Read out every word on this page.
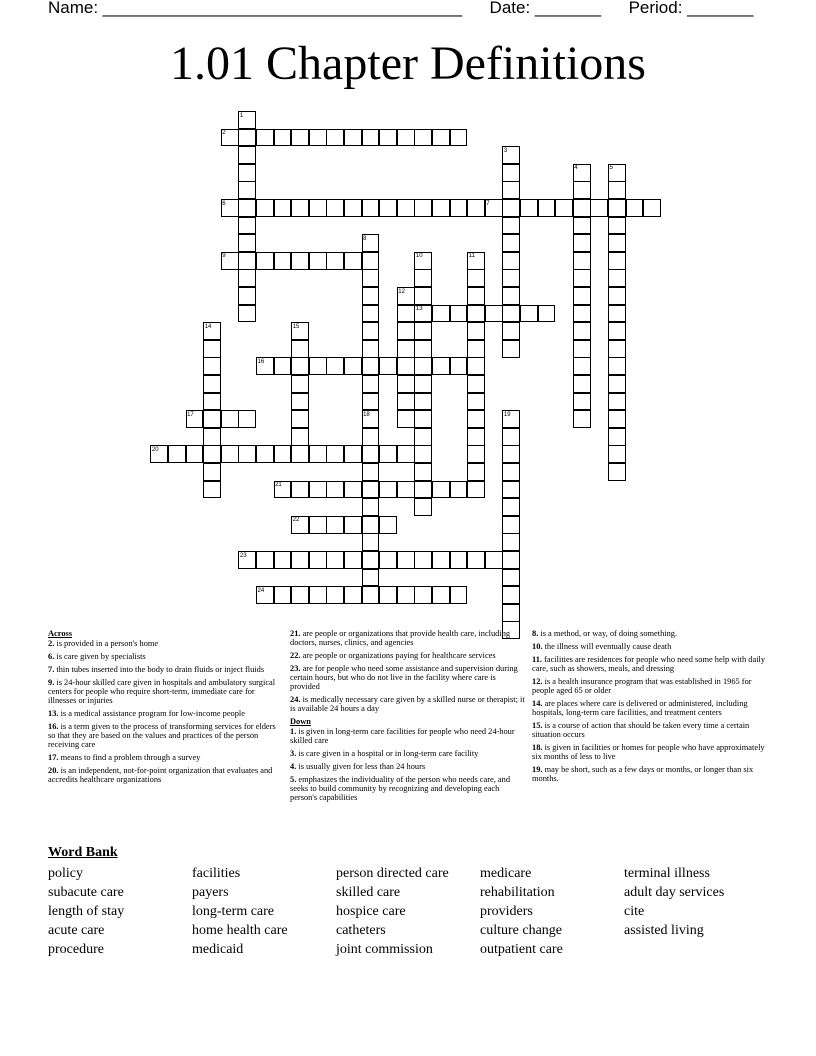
Name: ______________________________________ Date: _______ Period: _______
1.01 Chapter Definitions
1
2
3
4	5
6	7
8
9	10	11
12
13
14	15
16
17	18	19
20
21
22
23
24
Across
2. is provided in a person's home
6. is care given by specialists
7. thin tubes inserted into the body to drain fluids or inject fluids
9. is 24-hour skilled care given in hospitals and ambulatory surgical centers for people who require short-term, immediate care for illnesses or injuries
13. is a medical assistance program for low-income people
16. is a term given to the process of transforming services for elders so that they are based on the values and practices of the person receiving care
17. means to find a problem through a survey
20. is an independent, not-for-point organization that evaluates and accredits healthcare organizations
21. are people or organizations that provide health care, including doctors, nurses, clinics, and agencies
22. are people or organizations paying for healthcare services
23. are for people who need some assistance and supervision during certain hours, but who do not live in the facility where care is provided
24. is medically necessary care given by a skilled nurse or therapist; it is available 24 hours a day
Down
1. is given in long-term care facilities for people who need 24-hour skilled care
3. is care given in a hospital or in long-term care facility
4. is usually given for less than 24 hours
5. emphasizes the individuality of the person who needs care, and seeks to build community by recognizing and developing each person's capabilities
8. is a method, or way, of doing something.
10. the illness will eventually cause death
11. facilities are residences for people who need some help with daily care, such as showers, meals, and dressing
12. is a health insurance program that was established in 1965 for people aged 65 or older
14. are places where care is delivered or administered, including hospitals, long-term care facilities, and treatment centers
15. is a course of action that should be taken every time a certain situation occurs
18. is given in facilities or homes for people who have approximately six months of less to live
19. may be short, such as a few days or months, or longer than six months.
Word Bank
policy
subacute care
length of stay
acute care
procedure
facilities
payers
long-term care
home health care
medicaid
person directed care
skilled care
hospice care
catheters
joint commission
medicare
rehabilitation
providers
culture change
outpatient care
terminal illness
adult day services
cite
assisted living
